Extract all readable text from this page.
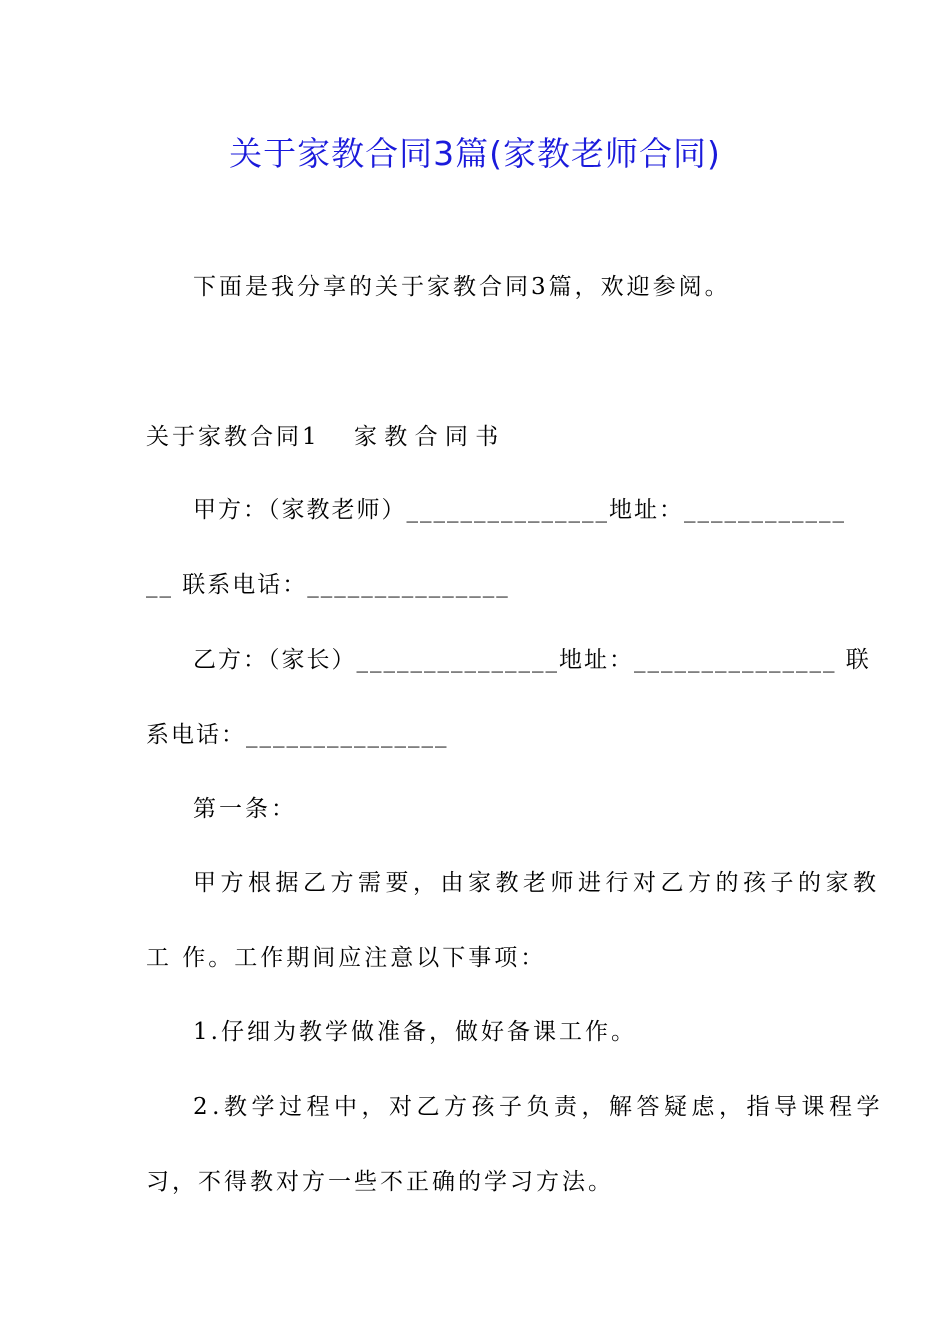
关于家教合同3篇(家教老师合同)
下面是我分享的关于家教合同3篇，欢迎参阅。
关于家教合同1 家 教 合 同 书
甲方：（家教老师）_______________地址：____________
__ 联系电话：_______________
乙方：（家长）_______________地址：_______________ 联
系电话：_______________
第一条：
甲方根据乙方需要，由家教老师进行对乙方的孩子的家教
工 作。工作期间应注意以下事项：
1.仔细为教学做准备，做好备课工作。
2.教学过程中，对乙方孩子负责，解答疑虑，指导课程学
习，不得教对方一些不正确的学习方法。
